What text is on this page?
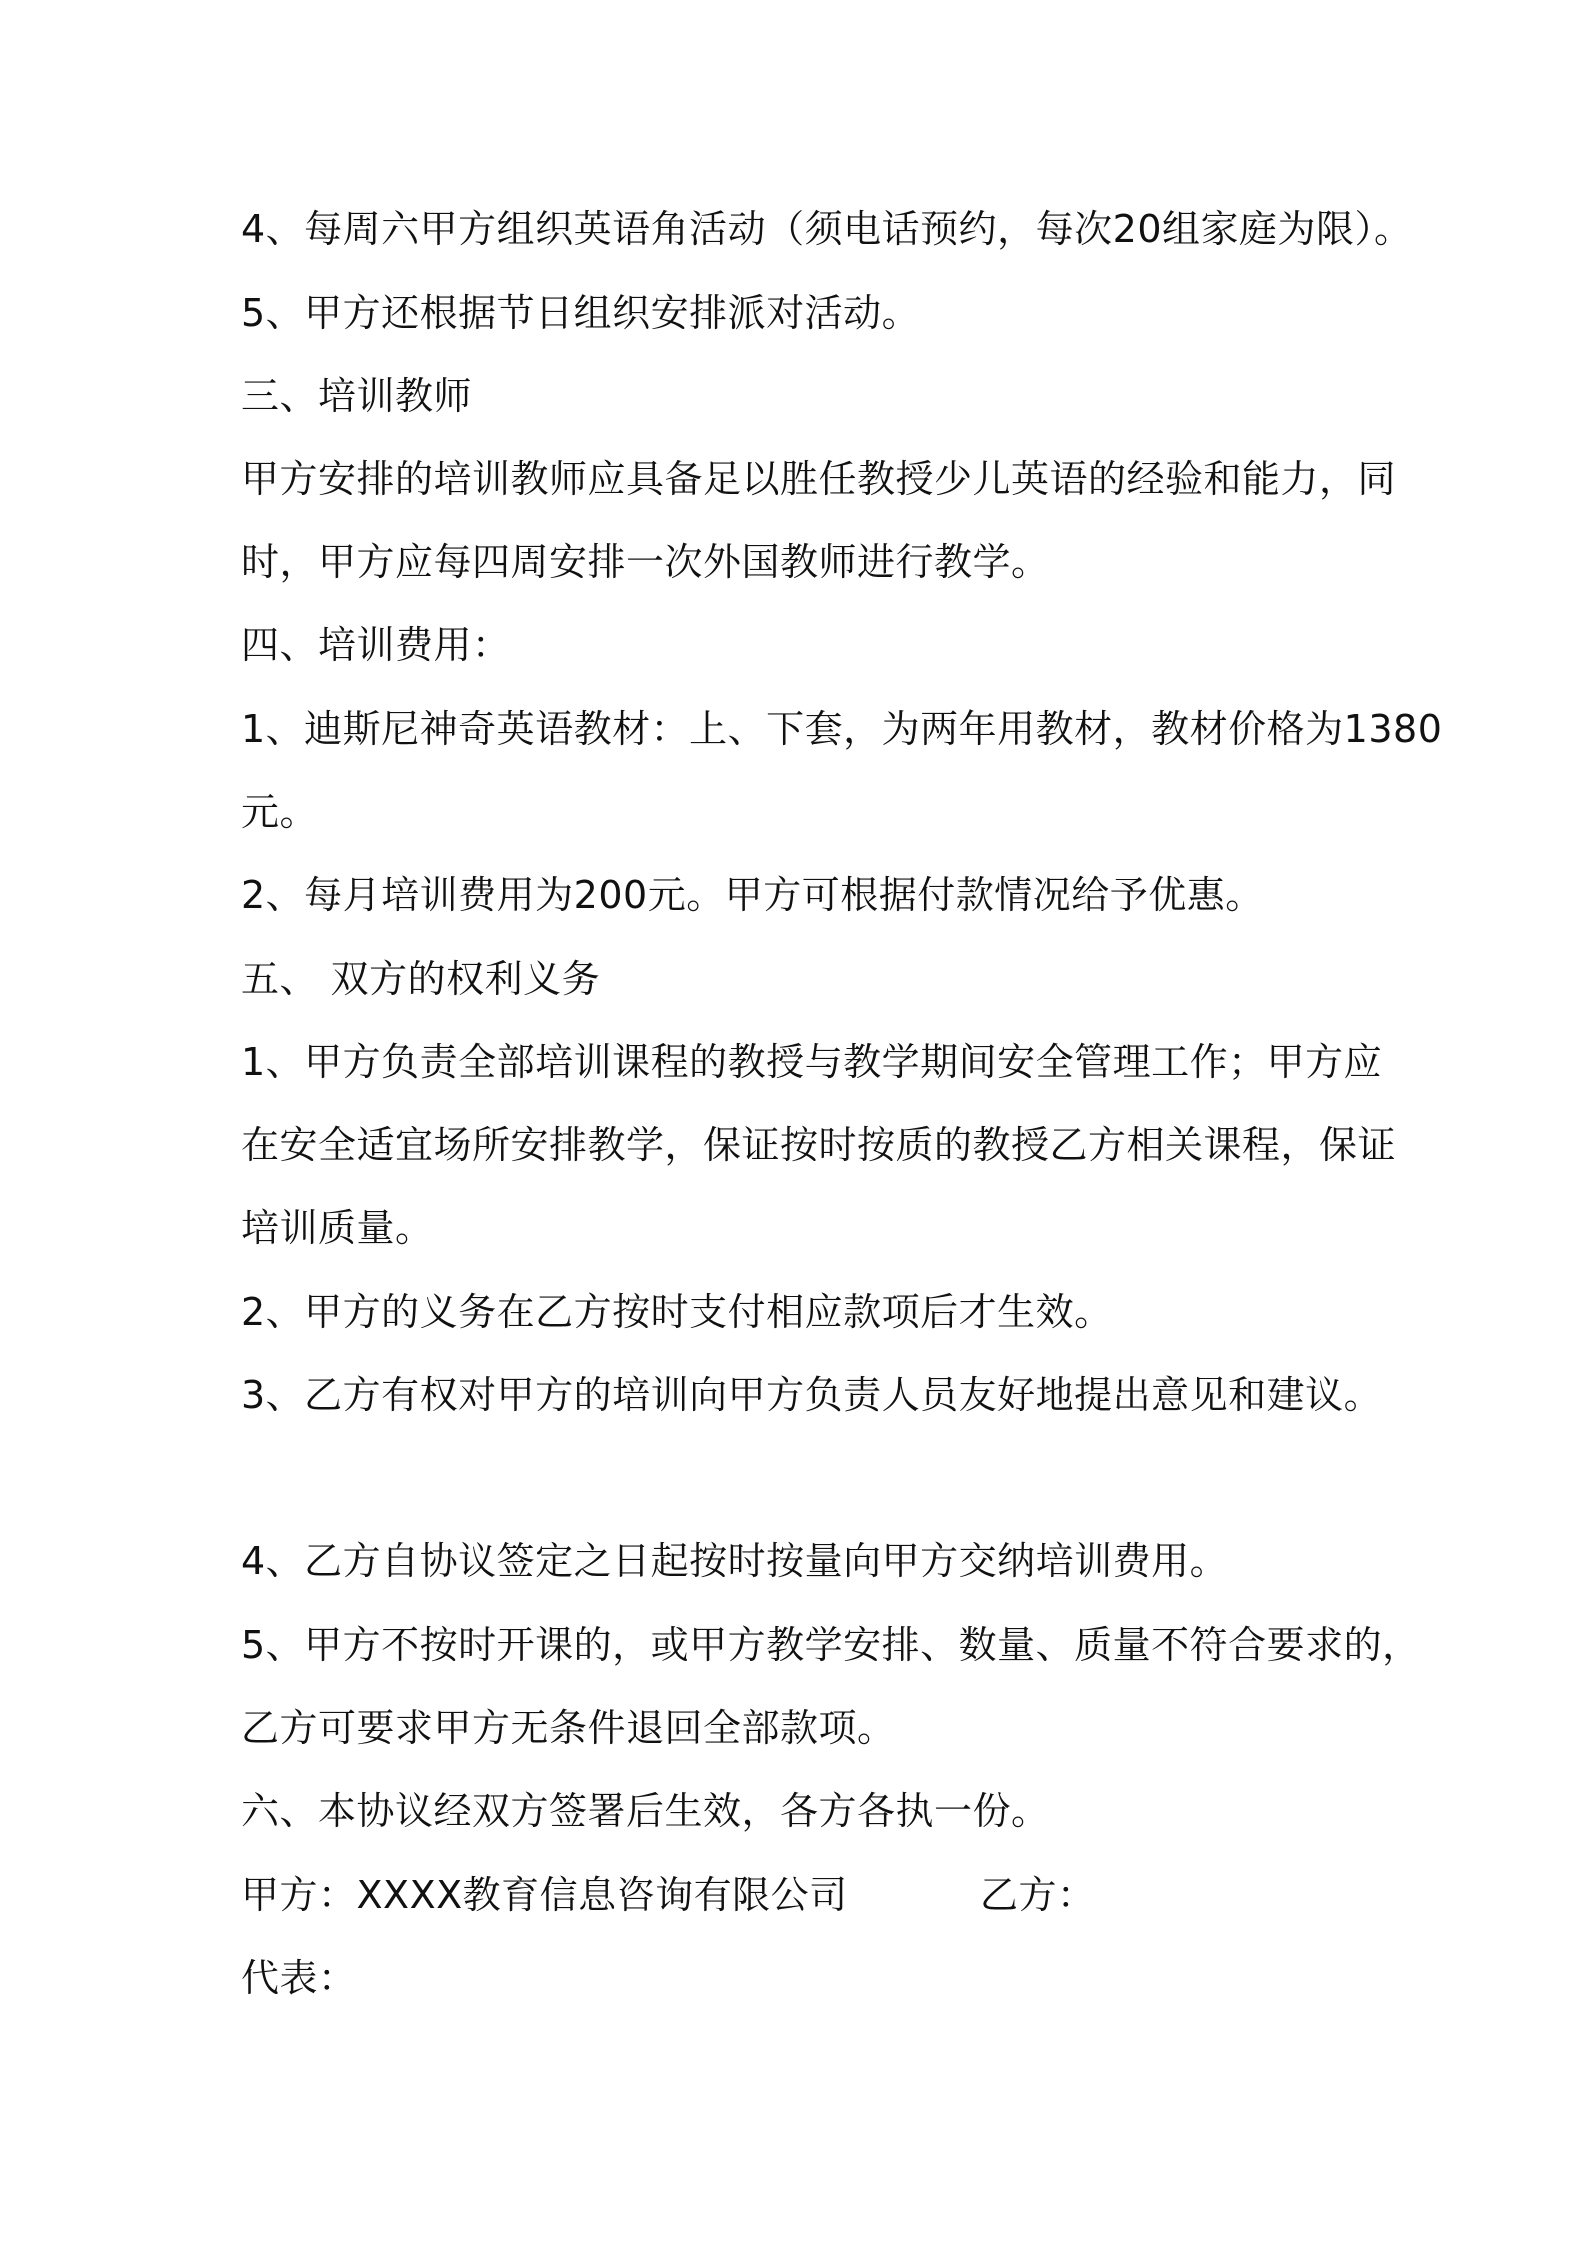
4、每周六甲方组织英语角活动（须电话预约，每次20组家庭为限）。
5、甲方还根据节日组织安排派对活动。
三、培训教师
甲方安排的培训教师应具备足以胜任教授少儿英语的经验和能力，同
时，甲方应每四周安排一次外国教师进行教学。
四、培训费用：
1、迪斯尼神奇英语教材：上、下套，为两年用教材，教材价格为1380
元。
2、每月培训费用为200元。甲方可根据付款情况给予优惠。
五、 双方的权利义务
1、甲方负责全部培训课程的教授与教学期间安全管理工作；甲方应
在安全适宜场所安排教学，保证按时按质的教授乙方相关课程，保证
培训质量。
2、甲方的义务在乙方按时支付相应款项后才生效。
3、乙方有权对甲方的培训向甲方负责人员友好地提出意见和建议。
4、乙方自协议签定之日起按时按量向甲方交纳培训费用。
5、甲方不按时开课的，或甲方教学安排、数量、质量不符合要求的，
乙方可要求甲方无条件退回全部款项。
六、本协议经双方签署后生效，各方各执一份。
甲方：XXXX教育信息咨询有限公司	乙方：
代表：
